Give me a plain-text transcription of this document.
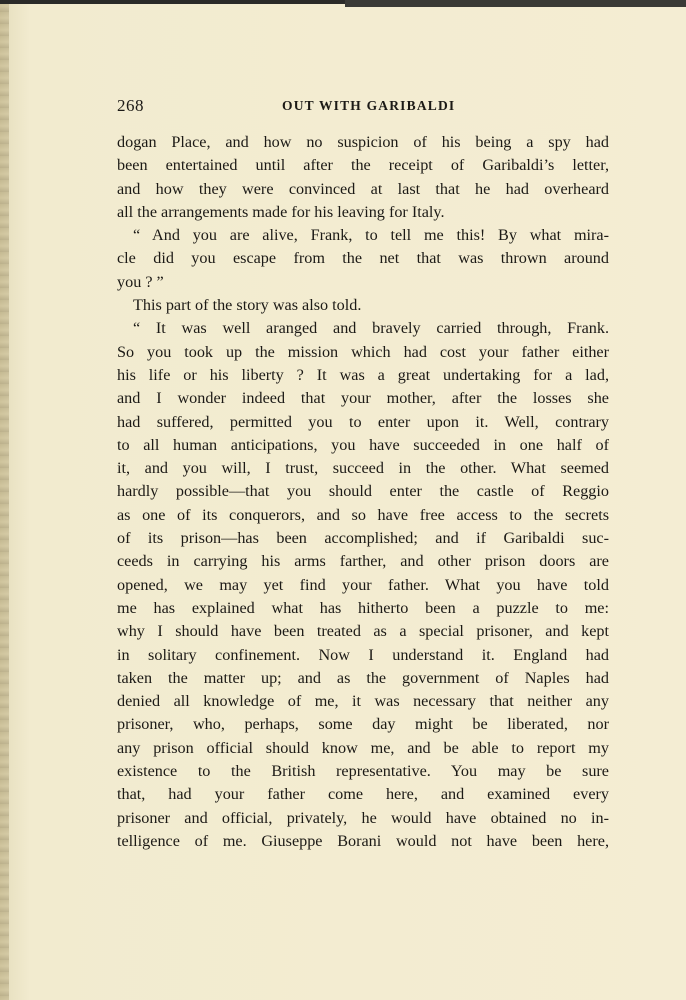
268	OUT WITH GARIBALDI
dogan Place, and how no suspicion of his being a spy had
been entertained until after the receipt of Garibaldi’s letter,
and how they were convinced at last that he had overheard
all the arrangements made for his leaving for Italy.
“ And you are alive, Frank, to tell me this! By what mira-
cle did you escape from the net that was thrown around
you ? ”
This part of the story was also told.
“ It was well aranged and bravely carried through, Frank.
So you took up the mission which had cost your father either
his life or his liberty ? It was a great undertaking for a lad,
and I wonder indeed that your mother, after the losses she
had suffered, permitted you to enter upon it. Well, contrary
to all human anticipations, you have succeeded in one half of
it, and you will, I trust, succeed in the other. What seemed
hardly possible—that you should enter the castle of Reggio
as one of its conquerors, and so have free access to the secrets
of its prison—has been accomplished; and if Garibaldi suc-
ceeds in carrying his arms farther, and other prison doors are
opened, we may yet find your father. What you have told
me has explained what has hitherto been a puzzle to me:
why I should have been treated as a special prisoner, and kept
in solitary confinement. Now I understand it. England had
taken the matter up; and as the government of Naples had
denied all knowledge of me, it was necessary that neither any
prisoner, who, perhaps, some day might be liberated, nor
any prison official should know me, and be able to report my
existence to the British representative. You may be sure
that, had your father come here, and examined every
prisoner and official, privately, he would have obtained no in-
telligence of me. Giuseppe Borani would not have been here,
